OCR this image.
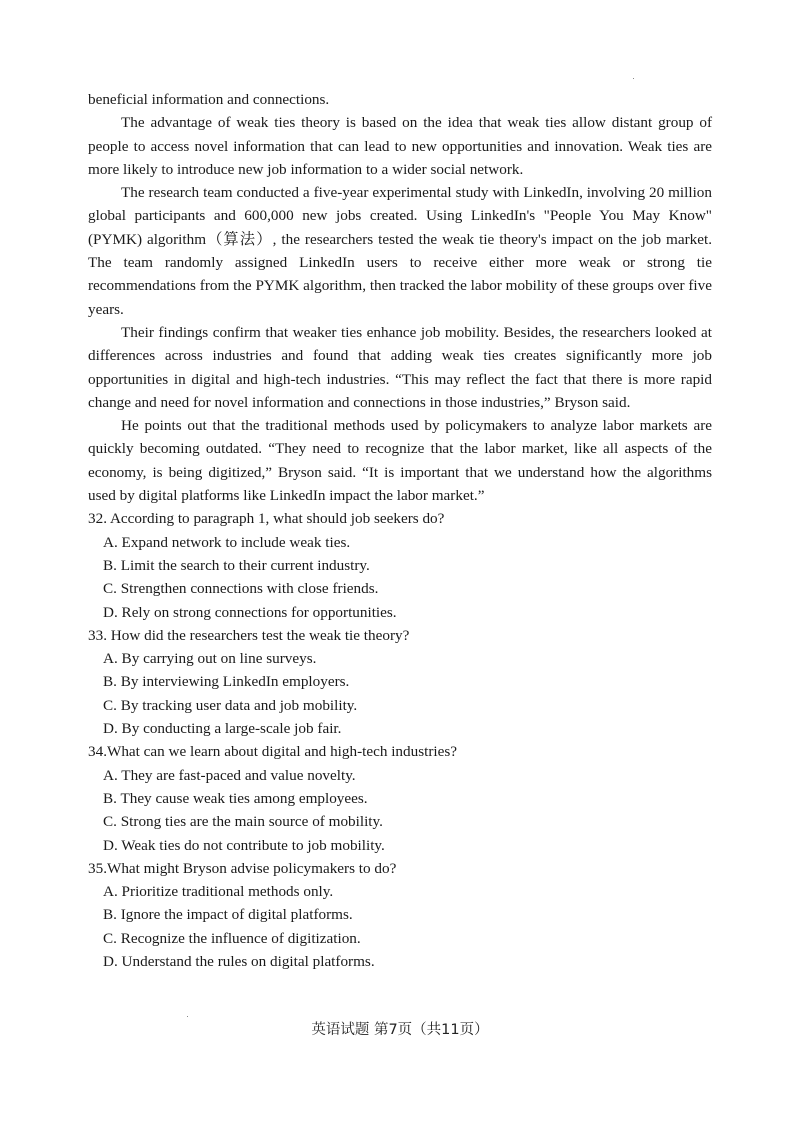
beneficial information and connections.

The advantage of weak ties theory is based on the idea that weak ties allow distant group of people to access novel information that can lead to new opportunities and innovation. Weak ties are more likely to introduce new job information to a wider social network.

The research team conducted a five-year experimental study with LinkedIn, involving 20 million global participants and 600,000 new jobs created. Using LinkedIn's "People You May Know" (PYMK) algorithm（算法）, the researchers tested the weak tie theory's impact on the job market. The team randomly assigned LinkedIn users to receive either more weak or strong tie recommendations from the PYMK algorithm, then tracked the labor mobility of these groups over five years.

Their findings confirm that weaker ties enhance job mobility. Besides, the researchers looked at differences across industries and found that adding weak ties creates significantly more job opportunities in digital and high-tech industries. “This may reflect the fact that there is more rapid change and need for novel information and connections in those industries,” Bryson said.

He points out that the traditional methods used by policymakers to analyze labor markets are quickly becoming outdated. “They need to recognize that the labor market, like all aspects of the economy, is being digitized,” Bryson said. “It is important that we understand how the algorithms used by digital platforms like LinkedIn impact the labor market.”

32. According to paragraph 1, what should job seekers do?

A. Expand network to include weak ties.
B. Limit the search to their current industry.
C. Strengthen connections with close friends.
D. Rely on strong connections for opportunities.

33. How did the researchers test the weak tie theory?

A. By carrying out on line surveys.
B. By interviewing LinkedIn employers.
C. By tracking user data and job mobility.
D. By conducting a large-scale job fair.

34.What can we learn about digital and high-tech industries?

A. They are fast-paced and value novelty.
B. They cause weak ties among employees.
C. Strong ties are the main source of mobility.
D. Weak ties do not contribute to job mobility.

35.What might Bryson advise policymakers to do?

A. Prioritize traditional methods only.
B. Ignore the impact of digital platforms.
C. Recognize the influence of digitization.
D. Understand the rules on digital platforms.
英语试题 第7页（共11页）
